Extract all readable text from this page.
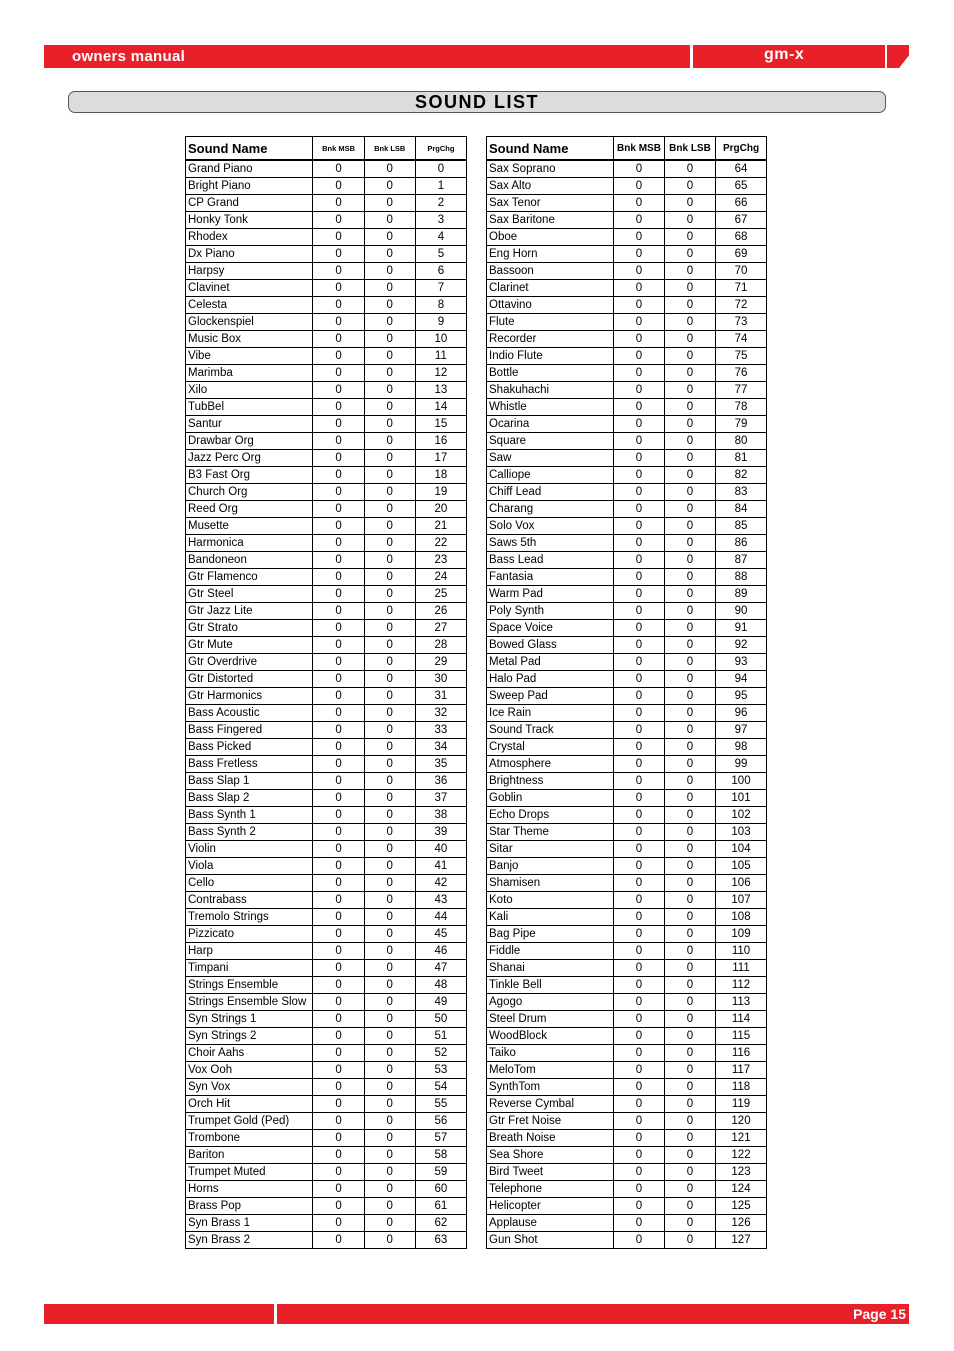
owners manual	gm-x
SOUND LIST
Sound Name	Bnk MSB	Bnk LSB	PrgChg
Grand Piano	0	0	0
Bright Piano	0	0	1
CP Grand	0	0	2
Honky Tonk	0	0	3
Rhodex	0	0	4
Dx Piano	0	0	5
Harpsy	0	0	6
Clavinet	0	0	7
Celesta	0	0	8
Glockenspiel	0	0	9
Music Box	0	0	10
Vibe	0	0	11
Marimba	0	0	12
Xilo	0	0	13
TubBel	0	0	14
Santur	0	0	15
Drawbar Org	0	0	16
Jazz Perc Org	0	0	17
B3 Fast Org	0	0	18
Church Org	0	0	19
Reed Org	0	0	20
Musette	0	0	21
Harmonica	0	0	22
Bandoneon	0	0	23
Gtr Flamenco	0	0	24
Gtr Steel	0	0	25
Gtr Jazz Lite	0	0	26
Gtr Strato	0	0	27
Gtr Mute	0	0	28
Gtr Overdrive	0	0	29
Gtr Distorted	0	0	30
Gtr Harmonics	0	0	31
Bass Acoustic	0	0	32
Bass Fingered	0	0	33
Bass Picked	0	0	34
Bass Fretless	0	0	35
Bass Slap 1	0	0	36
Bass Slap 2	0	0	37
Bass Synth 1	0	0	38
Bass Synth 2	0	0	39
Violin	0	0	40
Viola	0	0	41
Cello	0	0	42
Contrabass	0	0	43
Tremolo Strings	0	0	44
Pizzicato	0	0	45
Harp	0	0	46
Timpani	0	0	47
Strings Ensemble	0	0	48
Strings Ensemble Slow	0	0	49
Syn Strings 1	0	0	50
Syn Strings 2	0	0	51
Choir Aahs	0	0	52
Vox Ooh	0	0	53
Syn Vox	0	0	54
Orch Hit	0	0	55
Trumpet Gold (Ped)	0	0	56
Trombone	0	0	57
Bariton	0	0	58
Trumpet Muted	0	0	59
Horns	0	0	60
Brass Pop	0	0	61
Syn Brass 1	0	0	62
Syn Brass 2	0	0	63
Sound Name	Bnk MSB	Bnk LSB	PrgChg
Sax Soprano	0	0	64
Sax Alto	0	0	65
Sax Tenor	0	0	66
Sax Baritone	0	0	67
Oboe	0	0	68
Eng Horn	0	0	69
Bassoon	0	0	70
Clarinet	0	0	71
Ottavino	0	0	72
Flute	0	0	73
Recorder	0	0	74
Indio Flute	0	0	75
Bottle	0	0	76
Shakuhachi	0	0	77
Whistle	0	0	78
Ocarina	0	0	79
Square	0	0	80
Saw	0	0	81
Calliope	0	0	82
Chiff Lead	0	0	83
Charang	0	0	84
Solo Vox	0	0	85
Saws 5th	0	0	86
Bass Lead	0	0	87
Fantasia	0	0	88
Warm Pad	0	0	89
Poly Synth	0	0	90
Space Voice	0	0	91
Bowed Glass	0	0	92
Metal Pad	0	0	93
Halo Pad	0	0	94
Sweep Pad	0	0	95
Ice Rain	0	0	96
Sound Track	0	0	97
Crystal	0	0	98
Atmosphere	0	0	99
Brightness	0	0	100
Goblin	0	0	101
Echo Drops	0	0	102
Star Theme	0	0	103
Sitar	0	0	104
Banjo	0	0	105
Shamisen	0	0	106
Koto	0	0	107
Kali	0	0	108
Bag Pipe	0	0	109
Fiddle	0	0	110
Shanai	0	0	111
Tinkle Bell	0	0	112
Agogo	0	0	113
Steel Drum	0	0	114
WoodBlock	0	0	115
Taiko	0	0	116
MeloTom	0	0	117
SynthTom	0	0	118
Reverse Cymbal	0	0	119
Gtr Fret Noise	0	0	120
Breath Noise	0	0	121
Sea Shore	0	0	122
Bird Tweet	0	0	123
Telephone	0	0	124
Helicopter	0	0	125
Applause	0	0	126
Gun Shot	0	0	127
Page 15
